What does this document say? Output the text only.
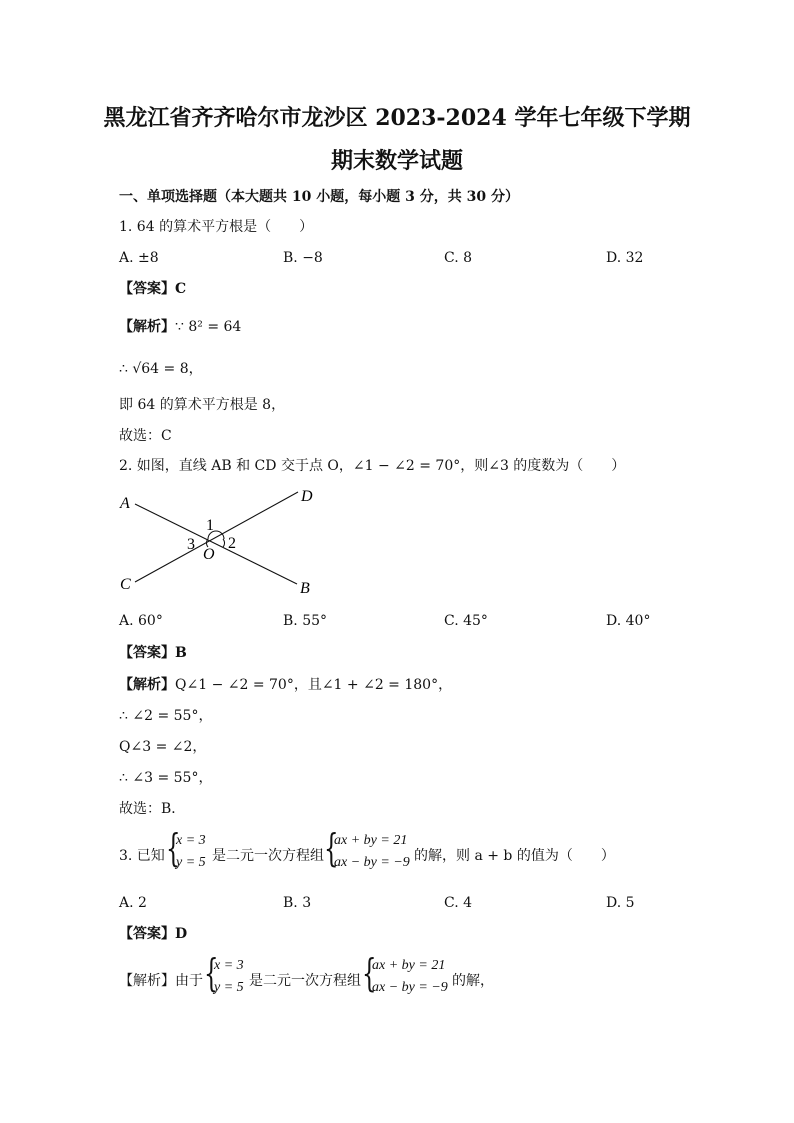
黑龙江省齐齐哈尔市龙沙区 2023-2024 学年七年级下学期
期末数学试题
一、单项选择题（本大题共 10 小题，每小题 3 分，共 30 分）
1. 64 的算术平方根是（　　）
A. ±8	B. −8	C. 8	D. 32
【答案】C
【解析】∵ 8² = 64
∴ √64 = 8，
即 64 的算术平方根是 8，
故选：C
2. 如图，直线 AB 和 CD 交于点 O，∠1 − ∠2 = 70°，则∠3 的度数为（　　）
A	D
C	B
O
1
2
3
A. 60°	B. 55°	C. 45°	D. 40°
【答案】B
【解析】Q∠1 − ∠2 = 70°，且∠1 + ∠2 = 180°，
∴ ∠2 = 55°，
Q∠3 = ∠2，
∴ ∠3 = 55°，
故选：B．
3. 已知 {
x = 3
y = 5 是二元一次方程组 {
ax + by = 21
ax − by = −9 的解，则 a + b 的值为（　　）
A. 2	B. 3	C. 4	D. 5
【答案】D
【解析】由于 {
x = 3
y = 5 是二元一次方程组 {
ax + by = 21
ax − by = −9 的解，
